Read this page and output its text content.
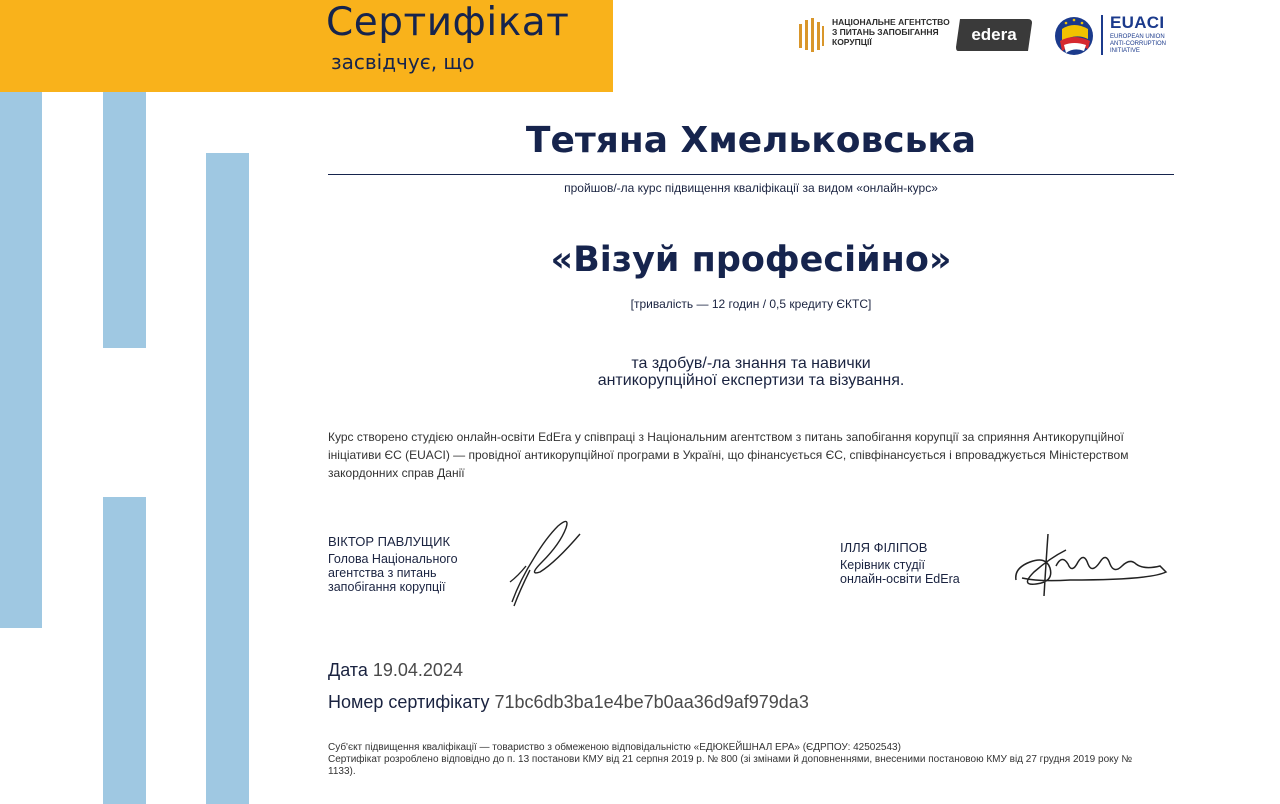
Сертифікат
засвідчує, що
НАЦІОНАЛЬНЕ АГЕНТСТВО
З ПИТАНЬ ЗАПОБІГАННЯ
КОРУПЦІЇ	edera
EUACI
EUROPEAN UNION
ANTI-CORRUPTION
INITIATIVE
Тетяна Хмельковська
пройшов/-ла курс підвищення кваліфікації за видом «онлайн-курс»
«Візуй професійно»
[тривалість — 12 годин / 0,5 кредиту ЄКТС]
та здобув/-ла знання та навички
антикорупційної експертизи та візування.
Курс створено студією онлайн-освіти EdEra у співпраці з Національним агентством з питань запобігання корупції за сприяння Антикорупційної ініціативи ЄС (EUACI) — провідної антикорупційної програми в Україні, що фінансується ЄС, співфінансується і впроваджується Міністерством закордонних справ Данії
ВІКТОР ПАВЛУЩИК
Голова Національного
агентства з питань
запобігання корупції
ІЛЛЯ ФІЛІПОВ
Керівник студії
онлайн-освіти EdEra
Дата 19.04.2024
Номер сертифікату 71bc6db3ba1e4be7b0aa36d9af979da3
Суб'єкт підвищення кваліфікації — товариство з обмеженою відповідальністю «ЕДЮКЕЙШНАЛ ЕРА» (ЄДРПОУ: 42502543)
Сертифікат розроблено відповідно до п. 13 постанови КМУ від 21 серпня 2019 р. № 800 (зі змінами й доповненнями, внесеними постановою КМУ від 27 грудня 2019 року № 1133).
